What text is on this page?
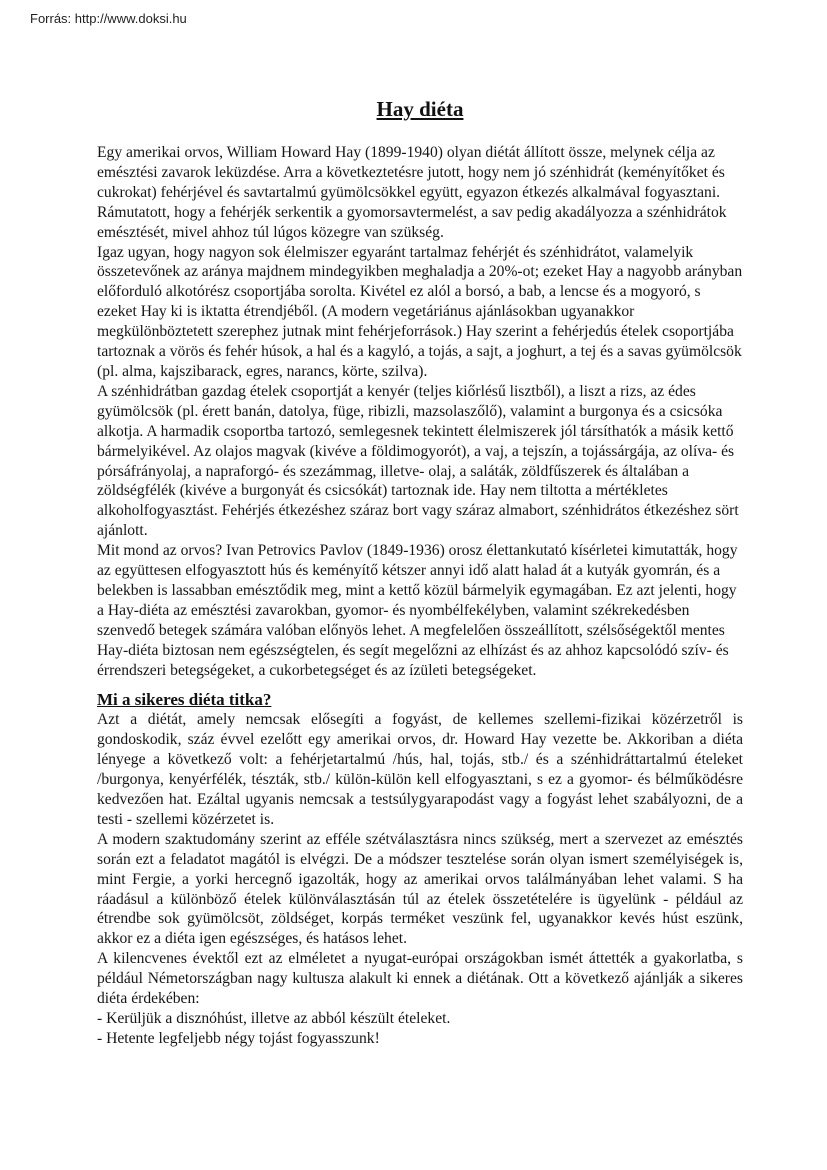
Forrás: http://www.doksi.hu
Hay diéta

Egy amerikai orvos, William Howard Hay (1899-1940) olyan diétát állított össze, melynek célja az emésztési zavarok leküzdése. Arra a következtetésre jutott, hogy nem jó szénhidrát (keményítőket és cukrokat) fehérjével és savtartalmú gyümölcsökkel együtt, egyazon étkezés alkalmával fogyasztani. Rámutatott, hogy a fehérjék serkentik a gyomorsavtermelést, a sav pedig akadályozza a szénhidrátok emésztését, mivel ahhoz túl lúgos közegre van szükség.

Igaz ugyan, hogy nagyon sok élelmiszer egyaránt tartalmaz fehérjét és szénhidrátot, valamelyik összetevőnek az aránya majdnem mindegyikben meghaladja a 20%-ot; ezeket Hay a nagyobb arányban előforduló alkotórész csoportjába sorolta. Kivétel ez alól a borsó, a bab, a lencse és a mogyoró, s ezeket Hay ki is iktatta étrendjéből. (A modern vegetáriánus ajánlásokban ugyanakkor megkülönböztetett szerephez jutnak mint fehérjeforrások.) Hay szerint a fehérjedús ételek csoportjába tartoznak a vörös és fehér húsok, a hal és a kagyló, a tojás, a sajt, a joghurt, a tej és a savas gyümölcsök (pl. alma, kajszibarack, egres, narancs, körte, szilva).

A szénhidrátban gazdag ételek csoportját a kenyér (teljes kiőrlésű lisztből), a liszt a rizs, az édes gyümölcsök (pl. érett banán, datolya, füge, ribizli, mazsolaszőlő), valamint a burgonya és a csicsóka alkotja. A harmadik csoportba tartozó, semlegesnek tekintett élelmiszerek jól társíthatók a másik kettő bármelyikével. Az olajos magvak (kivéve a földimogyorót), a vaj, a tejszín, a tojássárgája, az olíva- és pórsáfrányolaj, a napraforgó- és szezámmag, illetve- olaj, a saláták, zöldfűszerek és általában a zöldségfélék (kivéve a burgonyát és csicsókát) tartoznak ide. Hay nem tiltotta a mértékletes alkoholfogyasztást. Fehérjés étkezéshez száraz bort vagy száraz almabort, szénhidrátos étkezéshez sört ajánlott.

Mit mond az orvos? Ivan Petrovics Pavlov (1849-1936) orosz élettankutató kísérletei kimutatták, hogy az együttesen elfogyasztott hús és keményítő kétszer annyi idő alatt halad át a kutyák gyomrán, és a belekben is lassabban emésztődik meg, mint a kettő közül bármelyik egymagában. Ez azt jelenti, hogy a Hay-diéta az emésztési zavarokban, gyomor- és nyombélfekélyben, valamint székrekedésben szenvedő betegek számára valóban előnyös lehet. A megfelelően összeállított, szélsőségektől mentes Hay-diéta biztosan nem egészségtelen, és segít megelőzni az elhízást és az ahhoz kapcsolódó szív- és érrendszeri betegségeket, a cukorbetegséget és az ízületi betegségeket.

Mi a sikeres diéta titka?

Azt a diétát, amely nemcsak elősegíti a fogyást, de kellemes szellemi-fizikai közérzetről is gondoskodik, száz évvel ezelőtt egy amerikai orvos, dr. Howard Hay vezette be. Akkoriban a diéta lényege a következő volt: a fehérjetartalmú /hús, hal, tojás, stb./ és a szénhidráttartalmú ételeket /burgonya, kenyérfélék, tészták, stb./ külön-külön kell elfogyasztani, s ez a gyomor- és bélműködésre kedvezően hat. Ezáltal ugyanis nemcsak a testsúlygyarapodást vagy a fogyást lehet szabályozni, de a testi - szellemi közérzetet is.

A modern szaktudomány szerint az efféle szétválasztásra nincs szükség, mert a szervezet az emésztés során ezt a feladatot magától is elvégzi. De a módszer tesztelése során olyan ismert személyiségek is, mint Fergie, a yorki hercegnő igazolták, hogy az amerikai orvos találmányában lehet valami. S ha ráadásul a különböző ételek különválasztásán túl az ételek összetételére is ügyelünk - például az étrendbe sok gyümölcsöt, zöldséget, korpás terméket veszünk fel, ugyanakkor kevés húst eszünk, akkor ez a diéta igen egészséges, és hatásos lehet.

A kilencvenes évektől ezt az elméletet a nyugat-európai országokban ismét áttették a gyakorlatba, s például Németországban nagy kultusza alakult ki ennek a diétának. Ott a következő ajánlják a sikeres diéta érdekében:

- Kerüljük a disznóhúst, illetve az abból készült ételeket.

- Hetente legfeljebb négy tojást fogyasszunk!
